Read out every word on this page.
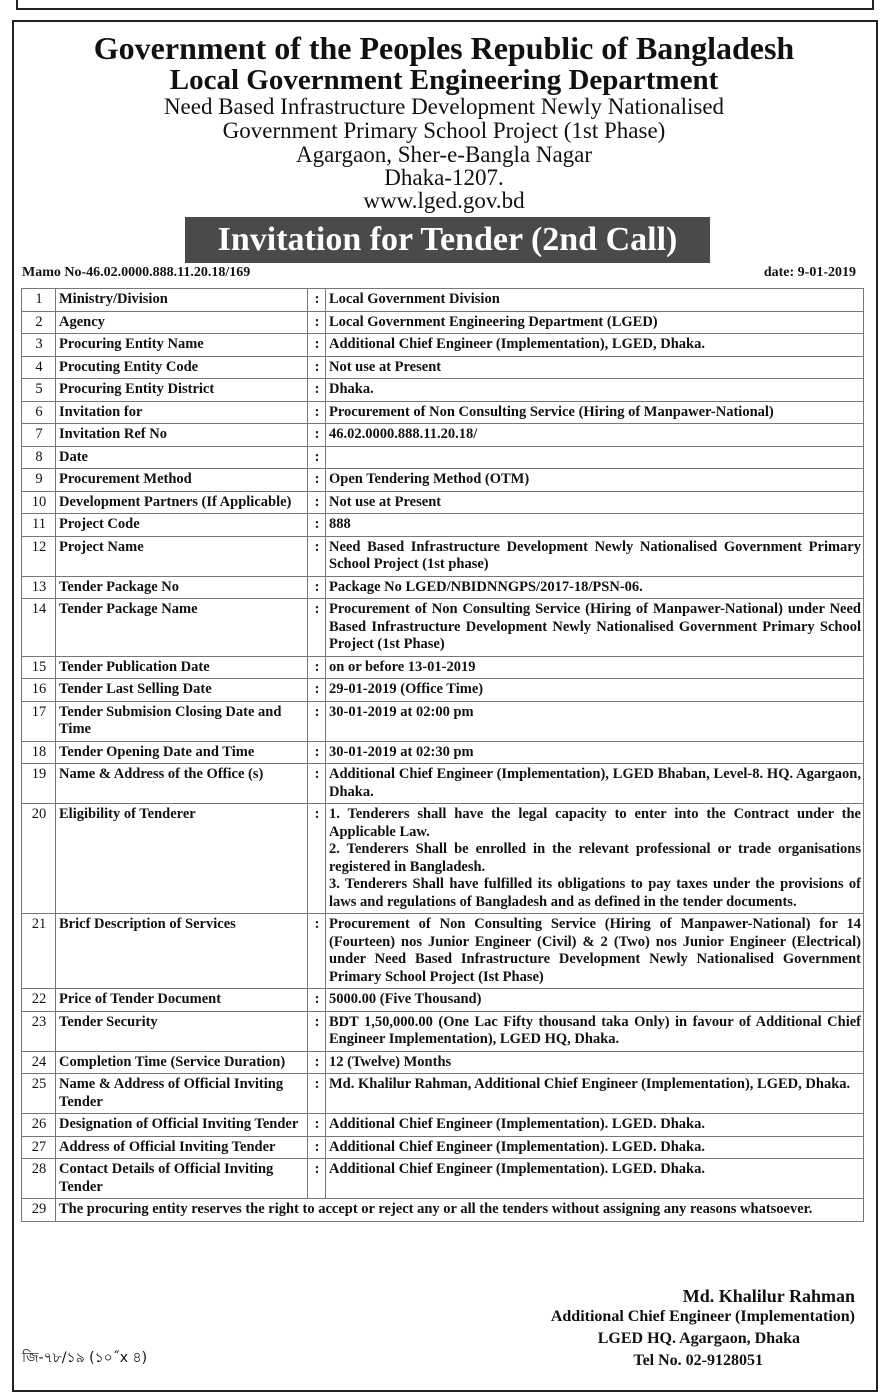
Government of the Peoples Republic of Bangladesh
Local Government Engineering Department
Need Based Infrastructure Development Newly Nationalised
Government Primary School Project (1st Phase)
Agargaon, Sher-e-Bangla Nagar
Dhaka-1207.
www.lged.gov.bd
Invitation for Tender (2nd Call)
Mamo No-46.02.0000.888.11.20.18/169	date: 9-01-2019
1	Ministry/Division	:	Local Government Division
2	Agency	:	Local Government Engineering Department (LGED)
3	Procuring Entity Name	:	Additional Chief Engineer (Implementation), LGED, Dhaka.
4	Procuting Entity Code	:	Not use at Present
5	Procuring Entity District	:	Dhaka.
6	Invitation for	:	Procurement of Non Consulting Service (Hiring of Manpawer-National)
7	Invitation Ref No	:	46.02.0000.888.11.20.18/
8	Date	:	
9	Procurement Method	:	Open Tendering Method (OTM)
10	Development Partners (If Applicable)	:	Not use at Present
11	Project Code	:	888
12	Project Name	:	Need Based Infrastructure Development Newly Nationalised Government Primary School Project (1st phase)
13	Tender Package No	:	Package No LGED/NBIDNNGPS/2017-18/PSN-06.
14	Tender Package Name	:	Procurement of Non Consulting Service (Hiring of Manpawer-National) under Need Based Infrastructure Development Newly Nationalised Government Primary School Project (1st Phase)
15	Tender Publication Date	:	on or before 13-01-2019
16	Tender Last Selling Date	:	29-01-2019 (Office Time)
17	Tender Submision Closing Date and Time	:	30-01-2019 at 02:00 pm
18	Tender Opening Date and Time	:	30-01-2019 at 02:30 pm
19	Name & Address of the Office (s)	:	Additional Chief Engineer (Implementation), LGED Bhaban, Level-8. HQ. Agargaon, Dhaka.
20	Eligibility of Tenderer	:	1. Tenderers shall have the legal capacity to enter into the Contract under the Applicable Law.
2. Tenderers Shall be enrolled in the relevant professional or trade organisations registered in Bangladesh.
3. Tenderers Shall have fulfilled its obligations to pay taxes under the provisions of laws and regulations of Bangladesh and as defined in the tender documents.

21	Bricf Description of Services	:	Procurement of Non Consulting Service (Hiring of Manpawer-National) for 14 (Fourteen) nos Junior Engineer (Civil) & 2 (Two) nos Junior Engineer (Electrical) under Need Based Infrastructure Development Newly Nationalised Government Primary School Project (Ist Phase)
22	Price of Tender Document	:	5000.00 (Five Thousand)
23	Tender Security	:	BDT 1,50,000.00 (One Lac Fifty thousand taka Only) in favour of Additional Chief Engineer Implementation), LGED HQ, Dhaka.
24	Completion Time (Service Duration)	:	12 (Twelve) Months
25	Name & Address of Official Inviting Tender	:	Md. Khalilur Rahman, Additional Chief Engineer (Implementation), LGED, Dhaka.
26	Designation of Official Inviting Tender	:	Additional Chief Engineer (Implementation). LGED. Dhaka.
27	Address of Official Inviting Tender	:	Additional Chief Engineer (Implementation). LGED. Dhaka.
28	Contact Details of Official Inviting Tender	:	Additional Chief Engineer (Implementation). LGED. Dhaka.
29	The procuring entity reserves the right to accept or reject any or all the tenders without assigning any reasons whatsoever.		
Md. Khalilur Rahman
Additional Chief Engineer (Implementation)
LGED HQ. Agargaon, Dhaka
Tel No. 02-9128051
জি-৭৮/১৯ (১০˝x ৪)
